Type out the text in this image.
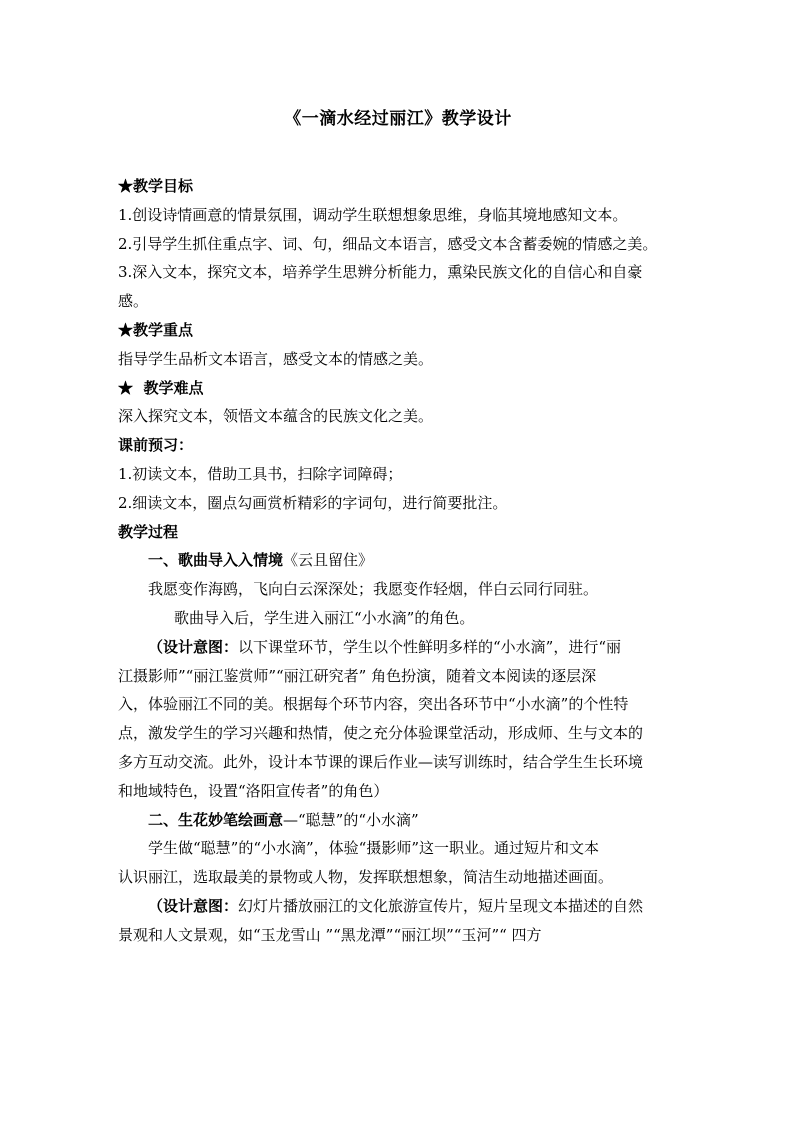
《一滴水经过丽江》教学设计
★教学目标
1.创设诗情画意的情景氛围，调动学生联想想象思维，身临其境地感知文本。
2.引导学生抓住重点字、词、句，细品文本语言，感受文本含蓄委婉的情感之美。
3.深入文本，探究文本，培养学生思辨分析能力，熏染民族文化的自信心和自豪
感。
★教学重点
指导学生品析文本语言，感受文本的情感之美。
★  教学难点
深入探究文本，领悟文本蕴含的民族文化之美。
课前预习：
1.初读文本，借助工具书，扫除字词障碍；
2.细读文本，圈点勾画赏析精彩的字词句，进行简要批注。
教学过程
一、歌曲导入入情境《云且留住》
我愿变作海鸥，飞向白云深深处；我愿变作轻烟，伴白云同行同驻。
歌曲导入后，学生进入丽江“小水滴”的角色。
（设计意图：以下课堂环节，学生以个性鲜明多样的“小水滴”，进行“丽
江摄影师”“丽江鉴赏师”“丽江研究者” 角色扮演，随着文本阅读的逐层深
入，体验丽江不同的美。根据每个环节内容，突出各环节中“小水滴”的个性特
点，激发学生的学习兴趣和热情，使之充分体验课堂活动，形成师、生与文本的
多方互动交流。此外，设计本节课的课后作业—读写训练时，结合学生生长环境
和地域特色，设置“洛阳宣传者”的角色）
二、生花妙笔绘画意—“聪慧”的“小水滴”
学生做“聪慧”的“小水滴”，体验“摄影师”这一职业。通过短片和文本
认识丽江，选取最美的景物或人物，发挥联想想象，简洁生动地描述画面。
（设计意图：幻灯片播放丽江的文化旅游宣传片，短片呈现文本描述的自然
景观和人文景观，如“玉龙雪山 ”“黑龙潭”“丽江坝”“玉河”“ 四方
